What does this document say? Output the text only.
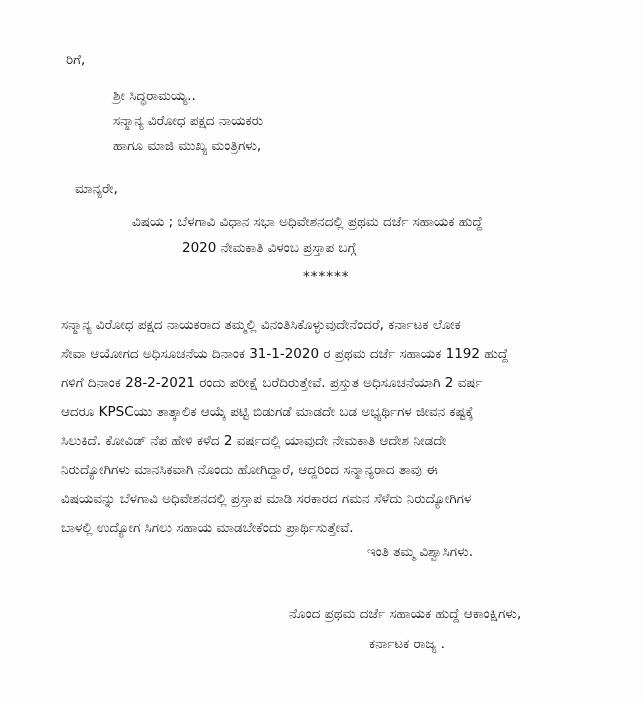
ರಿಗೆ,
ಶ್ರೀ ಸಿದ್ಧರಾಮಯ್ಯ..
ಸನ್ಮಾನ್ಯ ವಿರೋಧ ಪಕ್ಷದ ನಾಯಕರು
ಹಾಗೂ ಮಾಜಿ ಮುಖ್ಯ ಮಂತ್ರಿಗಳು,
ಮಾನ್ಯರೇ,
ವಿಷಯ ; ಬೆಳಗಾವಿ ವಿಧಾನ ಸಭಾ ಅಧಿವೇಶನದಲ್ಲಿ ಪ್ರಥಮ ದರ್ಜೆ ಸಹಾಯಕ ಹುದ್ದೆ
2020 ನೇಮಕಾತಿ ವಿಳಂಬ ಪ್ರಸ್ತಾಪ ಬಗ್ಗೆ
******
ಸನ್ಮಾನ್ಯ ವಿರೋಧ ಪಕ್ಷದ ನಾಯಕರಾದ ತಮ್ಮಲ್ಲಿ ವಿನಂತಿಸಿಕೊಳ್ಳುವುದೇನೆಂದರೆ, ಕರ್ನಾಟಕ ಲೋಕ
ಸೇವಾ ಆಯೋಗದ ಅಧಿಸೂಚನೆಯ ದಿನಾಂಕ 31-1-2020 ರ ಪ್ರಥಮ ದರ್ಜೆ ಸಹಾಯಕ 1192 ಹುದ್ದೆ
ಗಳಿಗೆ ದಿನಾಂಕ 28-2-2021 ರಂದು ಪರೀಕ್ಷೆ ಬರೆದಿರುತ್ತೇವೆ. ಪ್ರಸ್ತುತ ಅಧಿಸೂಚನೆಯಾಗಿ 2 ವರ್ಷ
ಆದರೂ KPSCಯು ತಾತ್ಕಾಲಿಕ ಆಯ್ಕೆ ಪಟ್ಟಿ ಬಿಡುಗಡೆ ಮಾಡದೇ ಬಡ ಅಭ್ಯರ್ಥಿಗಳ ಜೀವನ ಕಷ್ಟಕ್ಕೆ
ಸಿಲುಕಿದೆ. ಕೋವಿಡ್ ನೆಪ ಹೇಳಿ ಕಳೆದ 2 ವರ್ಷದಲ್ಲಿ ಯಾವುದೇ ನೇಮಕಾತಿ ಆದೇಶ ನೀಡದೇ
ನಿರುದ್ಯೋಗಿಗಳು ಮಾನಸಿಕವಾಗಿ ನೊಂದು ಹೋಗಿದ್ದಾರೆ, ಆದ್ದರಿಂದ ಸನ್ಮಾನ್ಯರಾದ ತಾವು ಈ
ವಿಷಯವನ್ನು ಬೆಳಗಾವಿ ಅಧಿವೇಶನದಲ್ಲಿ ಪ್ರಸ್ತಾಪ ಮಾಡಿ ಸರಕಾರದ ಗಮನ ಸೆಳೆದು ನಿರುದ್ಯೋಗಿಗಳ
ಬಾಳಲ್ಲಿ ಉದ್ಯೋಗ ಸಿಗಲು ಸಹಾಯ ಮಾಡಬೇಕೆಂದು ಪ್ರಾರ್ಥಿಸುತ್ತೇವೆ.
ಇಂತಿ ತಮ್ಮ ವಿಶ್ವಾಸಿಗಳು.
ನೊಂದ ಪ್ರಥಮ ದರ್ಜೆ ಸಹಾಯಕ ಹುದ್ದೆ ಆಕಾಂಕ್ಷಿಗಳು,
ಕರ್ನಾಟಕ ರಾಜ್ಯ .
